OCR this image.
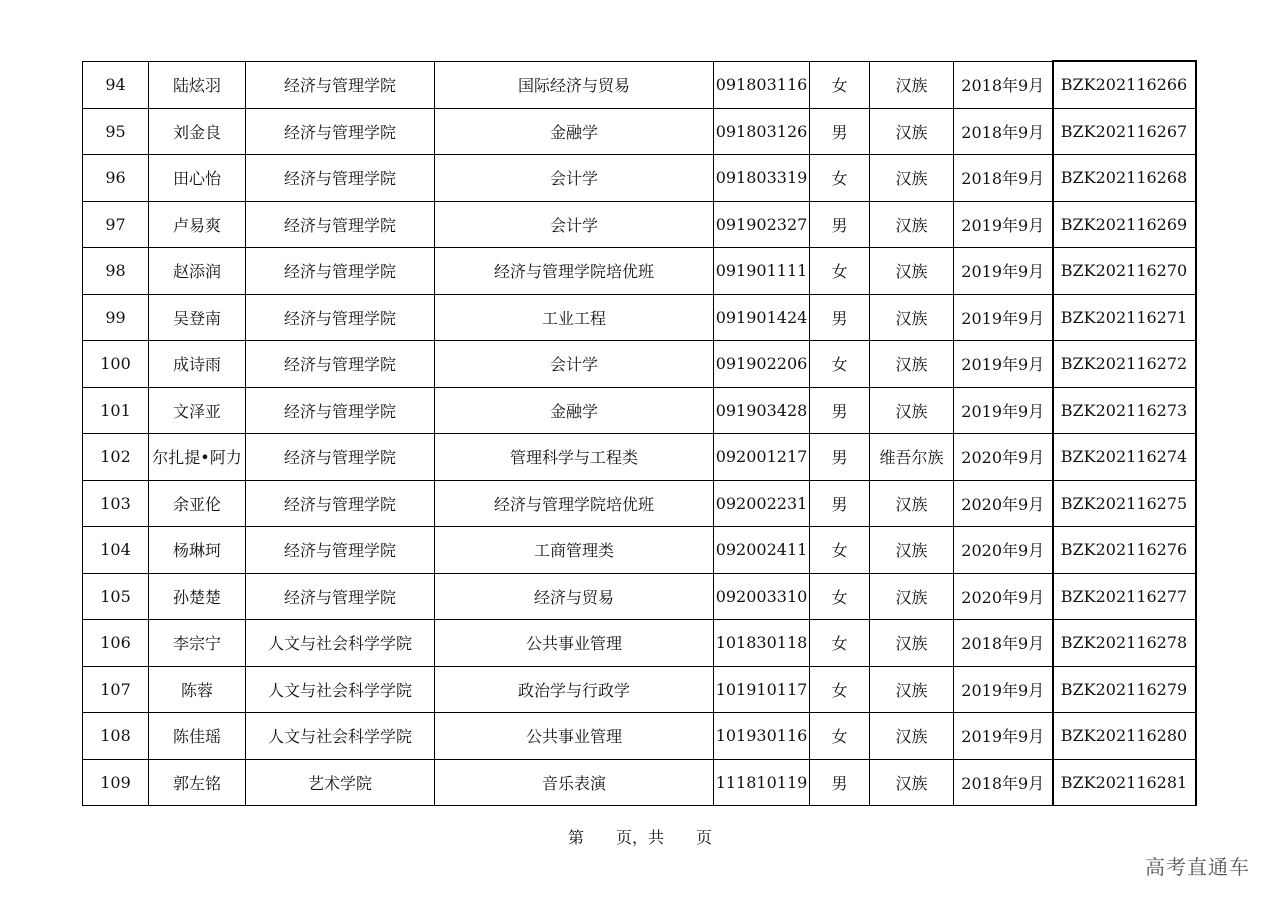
94	陆炫羽	经济与管理学院	国际经济与贸易	091803116	女	汉族	2018年9月	BZK202116266
95	刘金良	经济与管理学院	金融学	091803126	男	汉族	2018年9月	BZK202116267
96	田心怡	经济与管理学院	会计学	091803319	女	汉族	2018年9月	BZK202116268
97	卢易爽	经济与管理学院	会计学	091902327	男	汉族	2019年9月	BZK202116269
98	赵添润	经济与管理学院	经济与管理学院培优班	091901111	女	汉族	2019年9月	BZK202116270
99	吴登南	经济与管理学院	工业工程	091901424	男	汉族	2019年9月	BZK202116271
100	成诗雨	经济与管理学院	会计学	091902206	女	汉族	2019年9月	BZK202116272
101	文泽亚	经济与管理学院	金融学	091903428	男	汉族	2019年9月	BZK202116273
102	尔扎提•阿力	经济与管理学院	管理科学与工程类	092001217	男	维吾尔族	2020年9月	BZK202116274
103	余亚伦	经济与管理学院	经济与管理学院培优班	092002231	男	汉族	2020年9月	BZK202116275
104	杨琳珂	经济与管理学院	工商管理类	092002411	女	汉族	2020年9月	BZK202116276
105	孙楚楚	经济与管理学院	经济与贸易	092003310	女	汉族	2020年9月	BZK202116277
106	李宗宁	人文与社会科学学院	公共事业管理	101830118	女	汉族	2018年9月	BZK202116278
107	陈蓉	人文与社会科学学院	政治学与行政学	101910117	女	汉族	2019年9月	BZK202116279
108	陈佳瑶	人文与社会科学学院	公共事业管理	101930116	女	汉族	2019年9月	BZK202116280
109	郭左铭	艺术学院	音乐表演	111810119	男	汉族	2018年9月	BZK202116281
第　　页，共　　页
高考直通车
